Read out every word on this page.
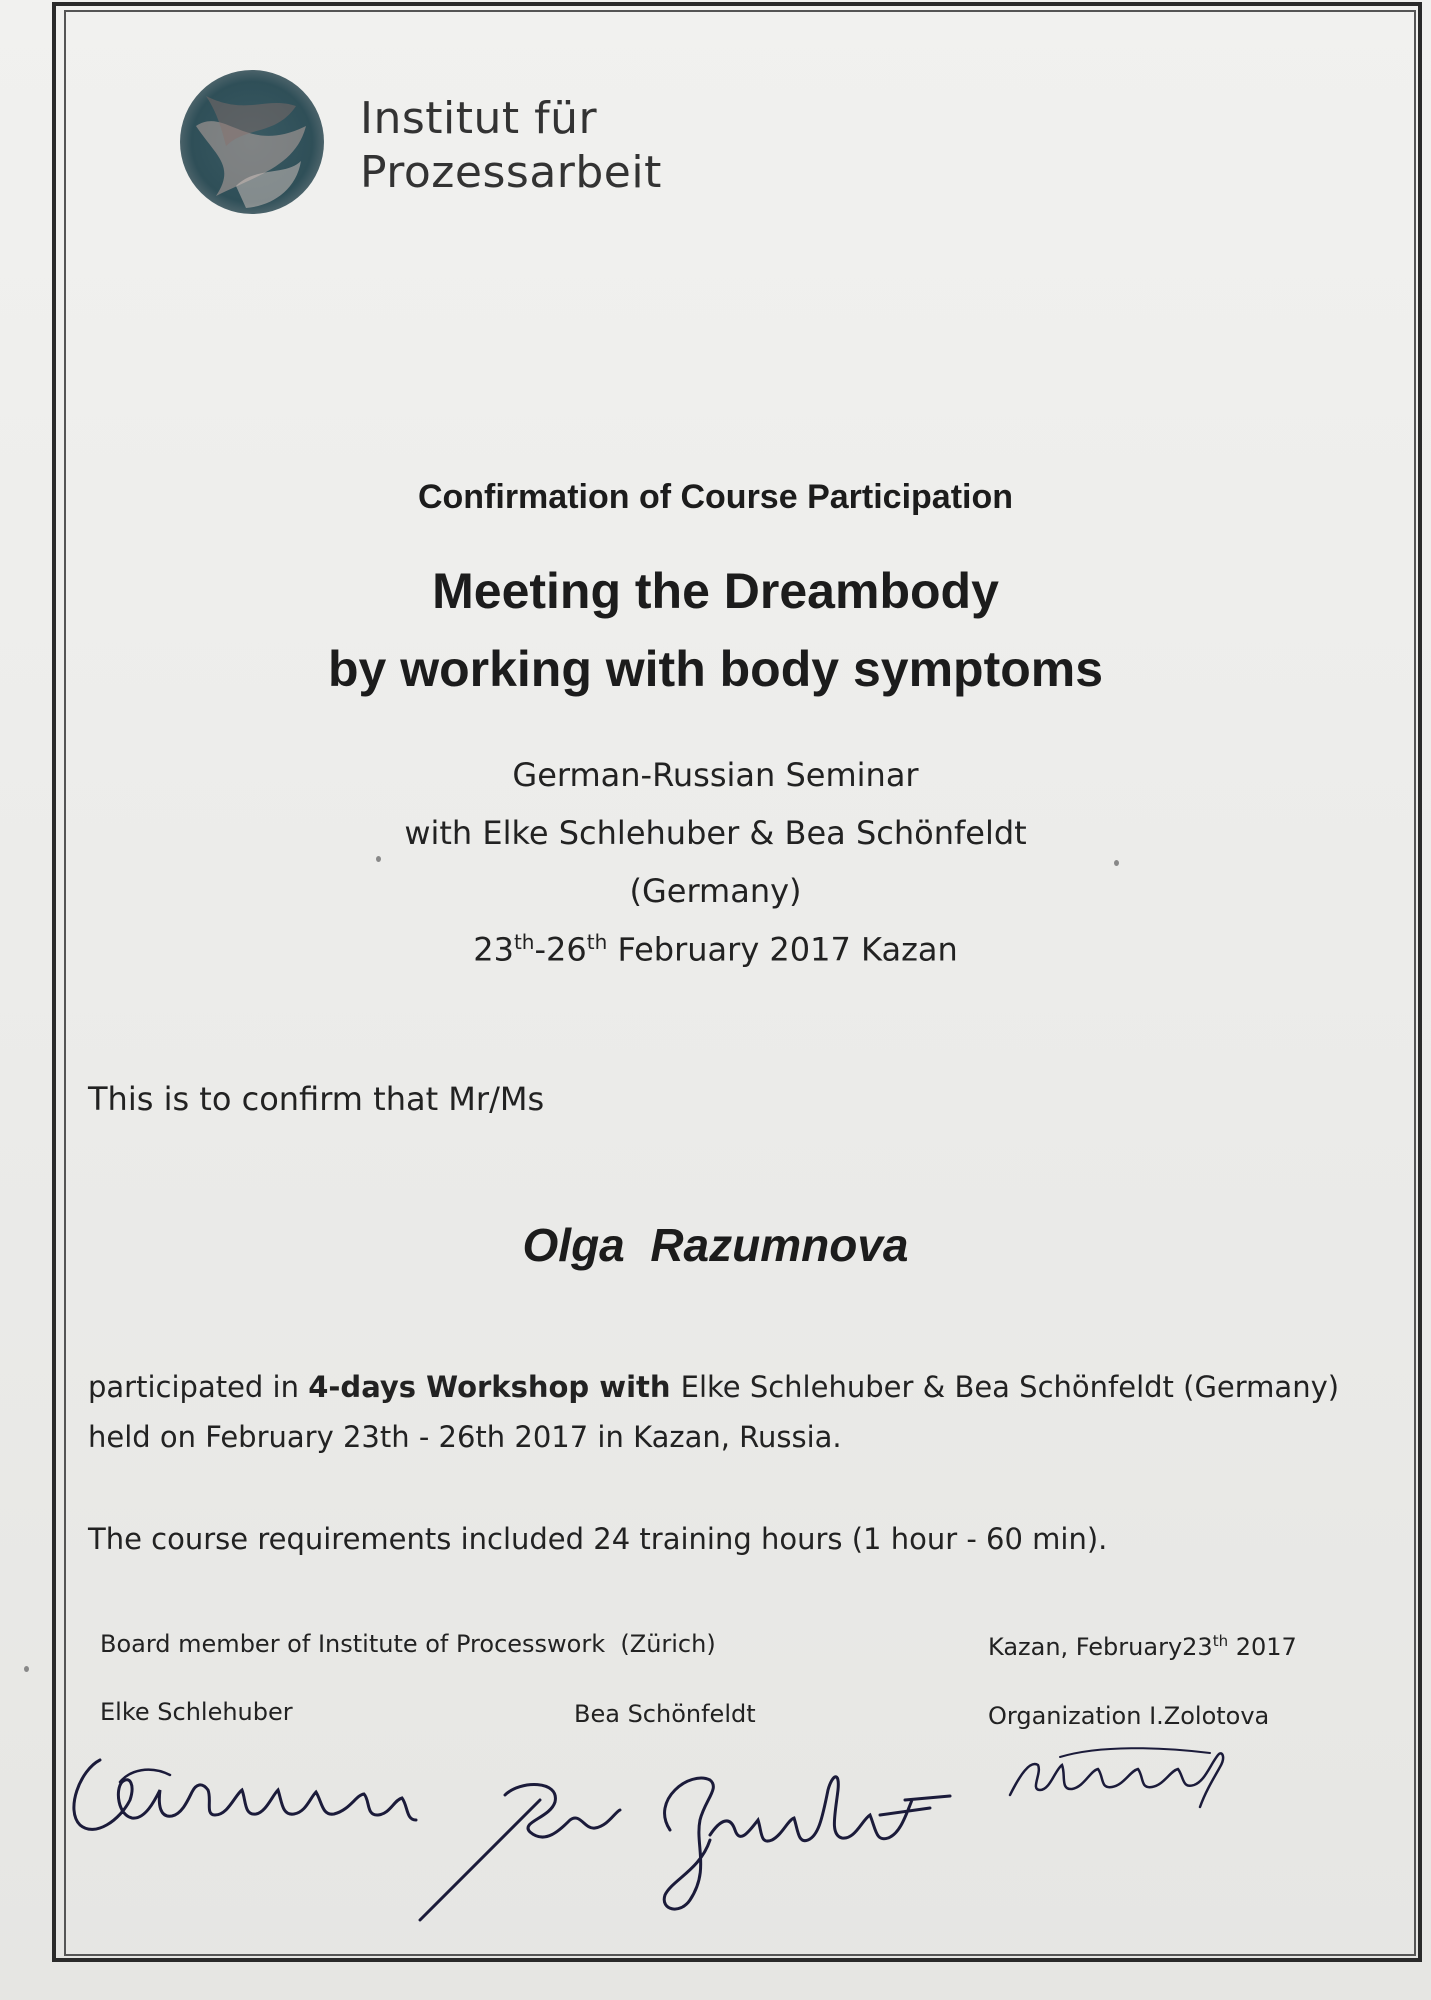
Institut für
Prozessarbeit
Confirmation of Course Participation
Meeting the Dreambody
by working with body symptoms
German-Russian Seminar
with Elke Schlehuber & Bea Schönfeldt
(Germany)
23th-26th February 2017 Kazan
This is to confirm that Mr/Ms
Olga  Razumnova
participated in 4-days Workshop with Elke Schlehuber & Bea Schönfeldt (Germany)
held on February 23th - 26th 2017 in Kazan, Russia.
The course requirements included 24 training hours (1 hour - 60 min).
Board member of Institute of Processwork  (Zürich)	Kazan, February23th 2017
Elke Schlehuber	Bea Schönfeldt	Organization I.Zolotova
